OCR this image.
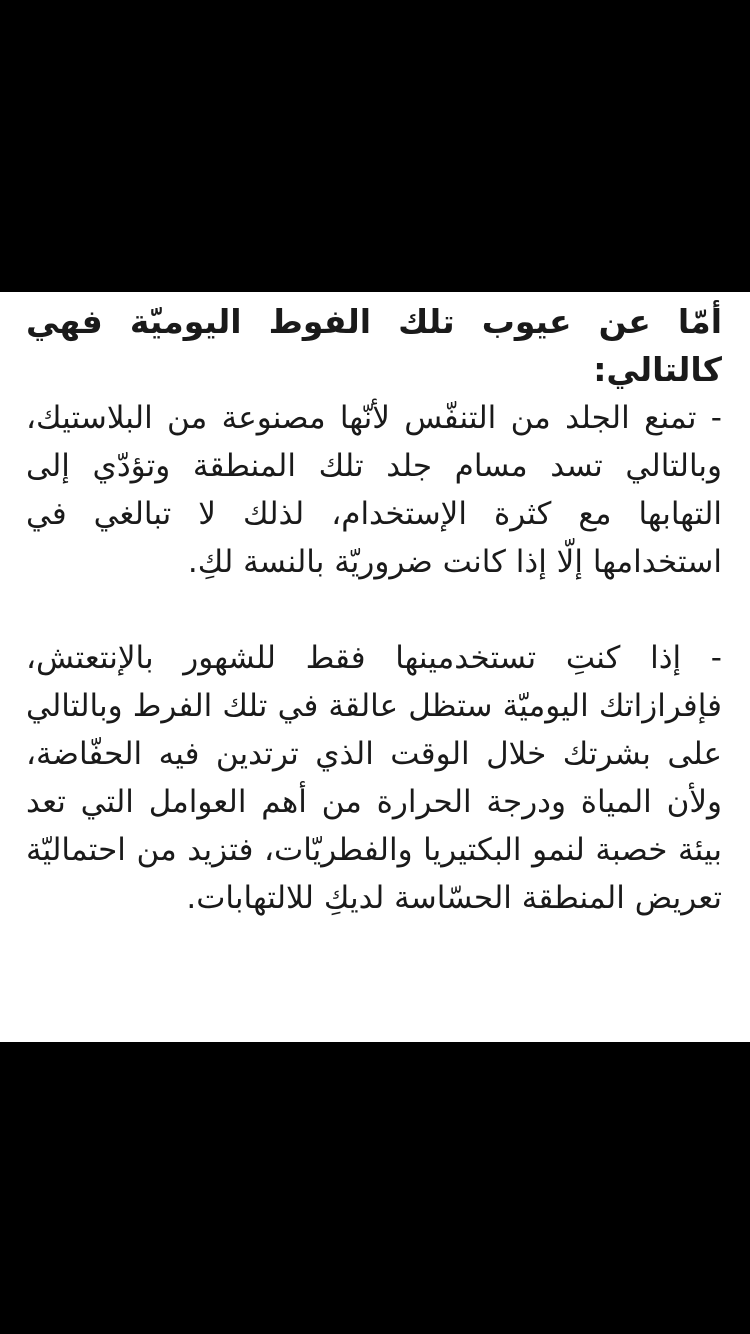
أمّا عن عيوب تلك الفوط اليوميّة فهي كالتالي:

- تمنع الجلد من التنفّس لأنّها مصنوعة من البلاستيك، وبالتالي تسد مسام جلد تلك المنطقة وتؤدّي إلى التهابها مع كثرة الإستخدام، لذلك لا تبالغي في استخدامها إلّا إذا كانت ضروريّة بالنسة لكِ.

- إذا كنتِ تستخدمينها فقط للشهور بالإنتعتش، فإفرازاتك اليوميّة ستظل عالقة في تلك الفرط وبالتالي على بشرتك خلال الوقت الذي ترتدين فيه الحفّاضة، ولأن المياة ودرجة الحرارة من أهم العوامل التي تعد بيئة خصبة لنمو البكتيريا والفطريّات، فتزيد من احتماليّة تعريض المنطقة الحسّاسة لديكِ للالتهابات.
